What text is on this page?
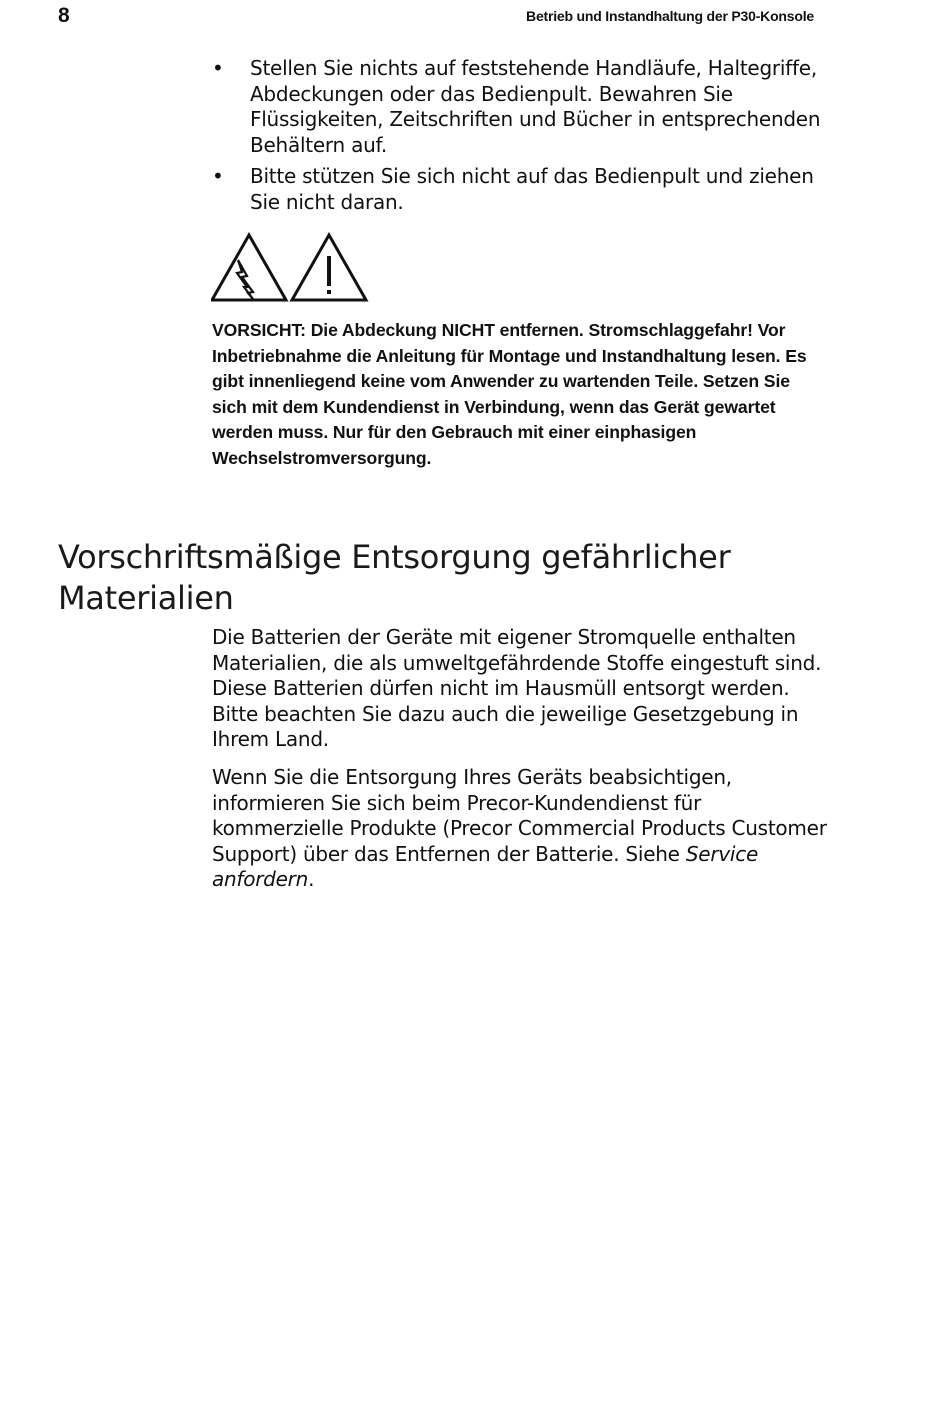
8	Betrieb und Instandhaltung der P30-Konsole
• Stellen Sie nichts auf feststehende Handläufe, Haltegriffe, Abdeckungen oder das Bedienpult. Bewahren Sie Flüssigkeiten, Zeitschriften und Bücher in entsprechenden Behältern auf.
• Bitte stützen Sie sich nicht auf das Bedienpult und ziehen Sie nicht daran.

VORSICHT: Die Abdeckung NICHT entfernen. Stromschlaggefahr! Vor Inbetriebnahme die Anleitung für Montage und Instandhaltung lesen. Es gibt innenliegend keine vom Anwender zu wartenden Teile. Setzen Sie sich mit dem Kundendienst in Verbindung, wenn das Gerät gewartet werden muss. Nur für den Gebrauch mit einer einphasigen Wechselstromversorgung.

Vorschriftsmäßige Entsorgung gefährlicher Materialien

Die Batterien der Geräte mit eigener Stromquelle enthalten Materialien, die als umweltgefährdende Stoffe eingestuft sind. Diese Batterien dürfen nicht im Hausmüll entsorgt werden. Bitte beachten Sie dazu auch die jeweilige Gesetzgebung in Ihrem Land.

Wenn Sie die Entsorgung Ihres Geräts beabsichtigen, informieren Sie sich beim Precor-Kundendienst für kommerzielle Produkte (Precor Commercial Products Customer Support) über das Entfernen der Batterie. Siehe Service anfordern.
